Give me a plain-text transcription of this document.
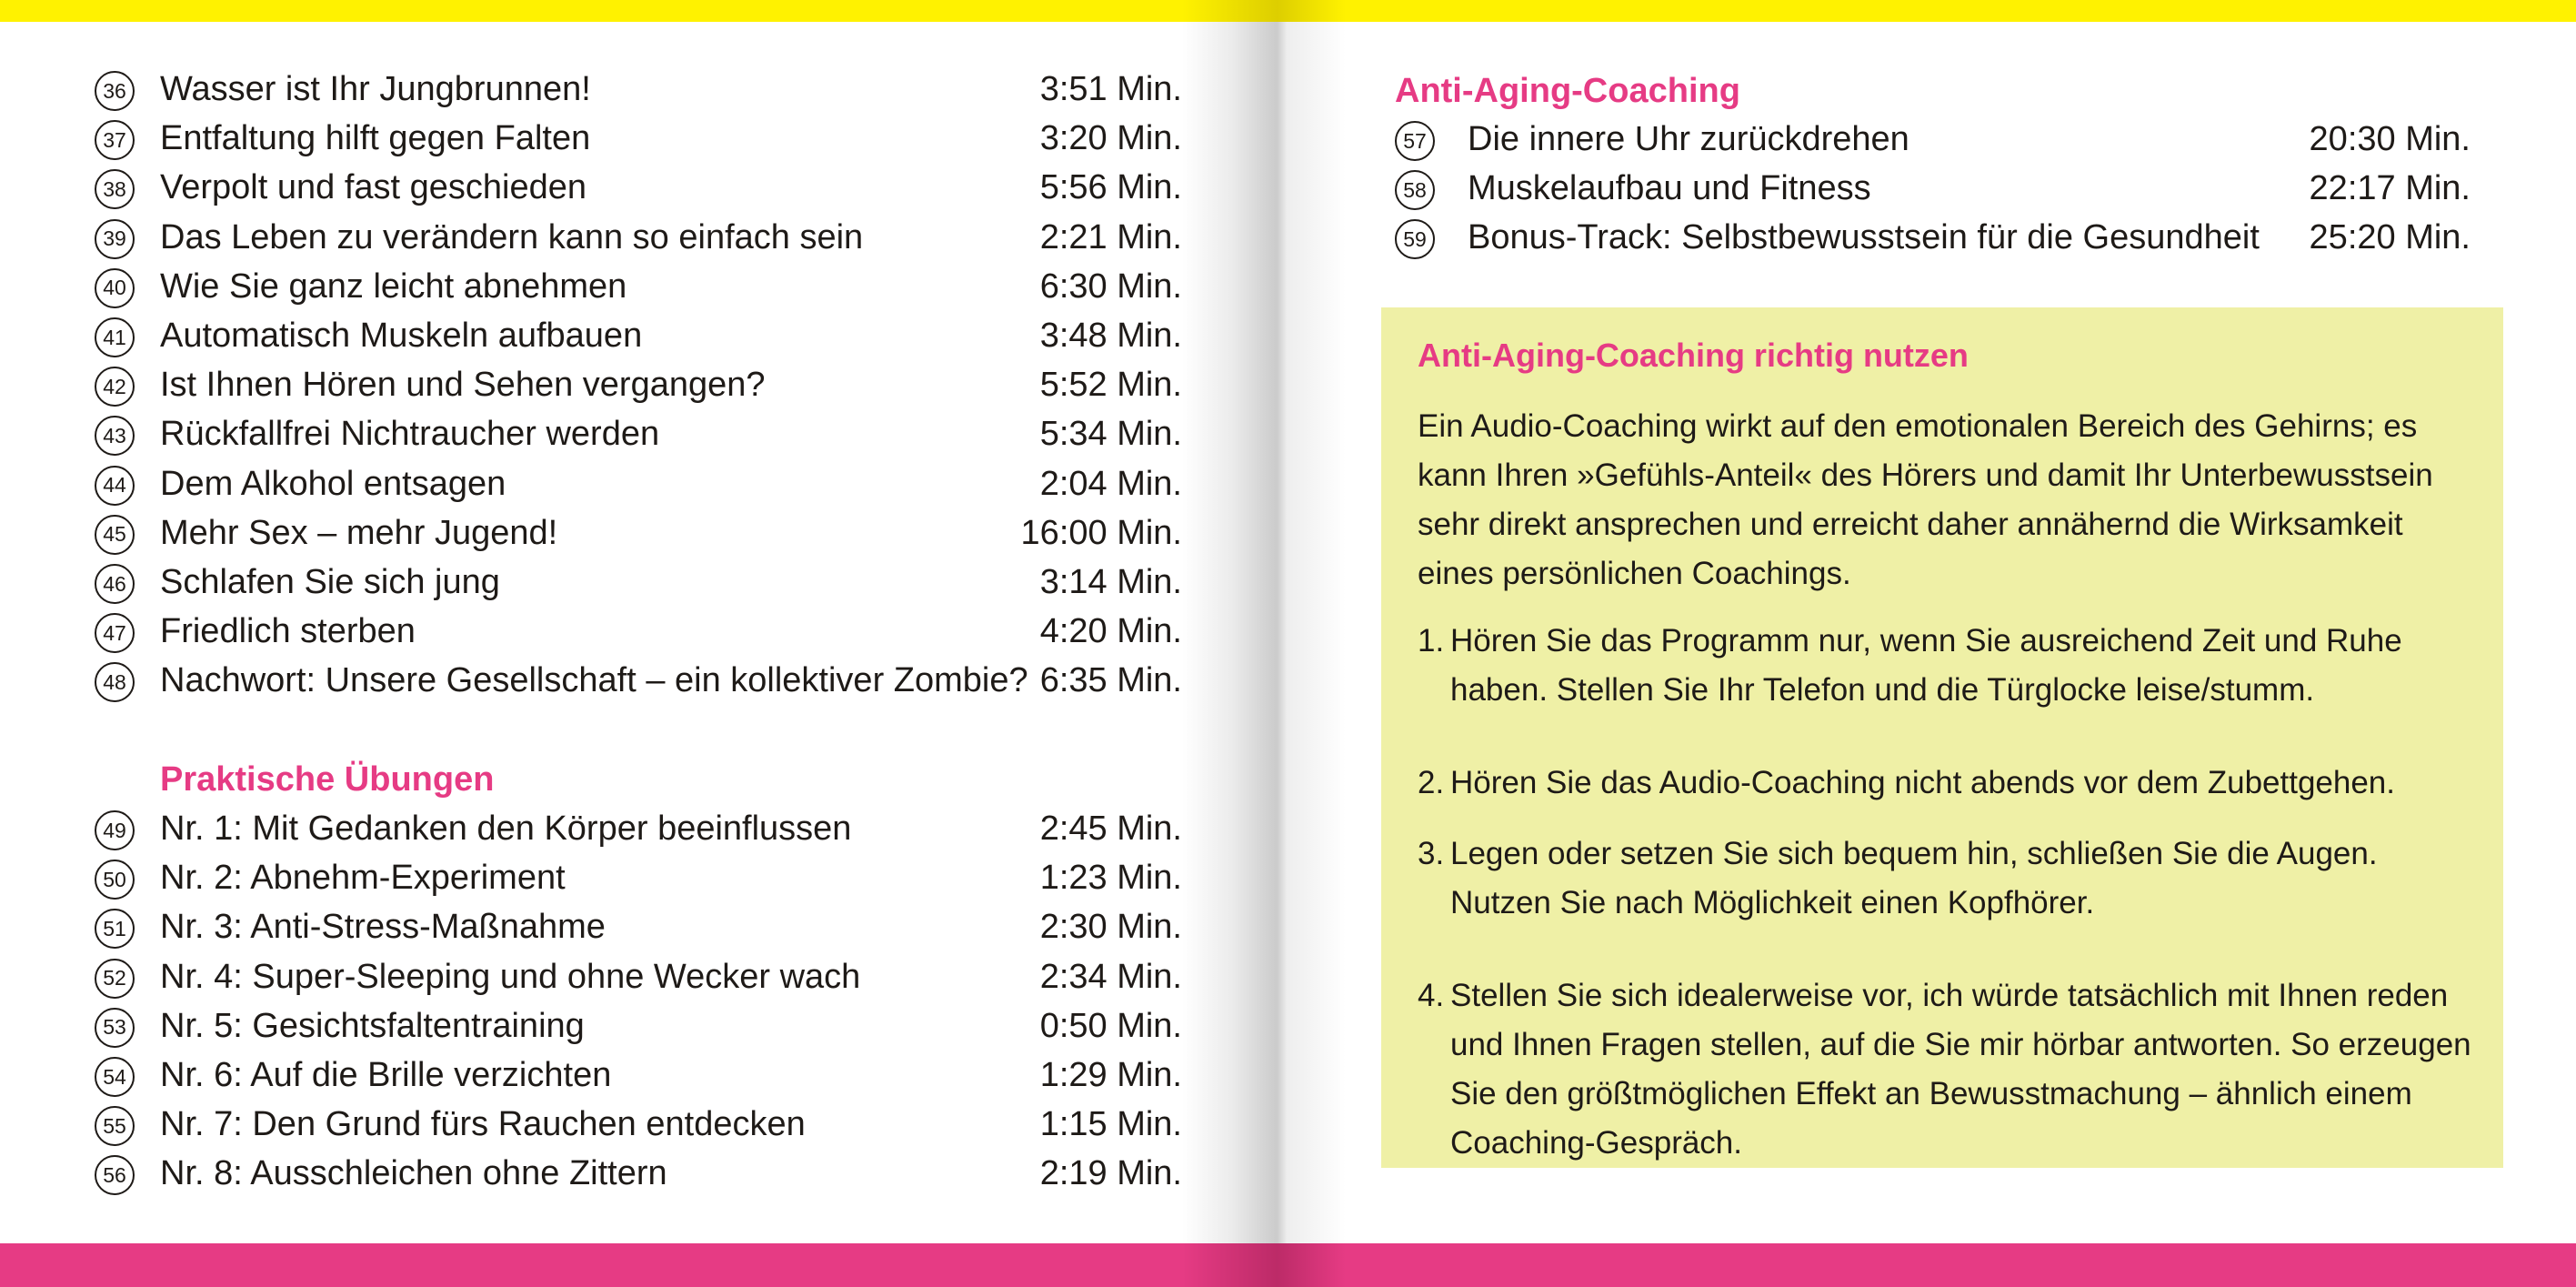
36 Wasser ist Ihr Jungbrunnen!	3:51 Min.
37 Entfaltung hilft gegen Falten	3:20 Min.
38 Verpolt und fast geschieden	5:56 Min.
39 Das Leben zu verändern kann so einfach sein	2:21 Min.
40 Wie Sie ganz leicht abnehmen	6:30 Min.
41 Automatisch Muskeln aufbauen	3:48 Min.
42 Ist Ihnen Hören und Sehen vergangen?	5:52 Min.
43 Rückfallfrei Nichtraucher werden	5:34 Min.
44 Dem Alkohol entsagen	2:04 Min.
45 Mehr Sex – mehr Jugend!	16:00 Min.
46 Schlafen Sie sich jung	3:14 Min.
47 Friedlich sterben	4:20 Min.
48 Nachwort: Unsere Gesellschaft – ein kollektiver Zombie? 6:35 Min.
Praktische Übungen
49 Nr. 1: Mit Gedanken den Körper beeinflussen	2:45 Min.
50 Nr. 2: Abnehm-Experiment	1:23 Min.
51 Nr. 3: Anti-Stress-Maßnahme	2:30 Min.
52 Nr. 4: Super-Sleeping und ohne Wecker wach	2:34 Min.
53 Nr. 5: Gesichtsfaltentraining	0:50 Min.
54 Nr. 6: Auf die Brille verzichten	1:29 Min.
55 Nr. 7: Den Grund fürs Rauchen entdecken	1:15 Min.
56 Nr. 8: Ausschleichen ohne Zittern	2:19 Min.
Anti-Aging-Coaching
57 Die innere Uhr zurückdrehen	20:30 Min.
58 Muskelaufbau und Fitness	22:17 Min.
59 Bonus-Track: Selbstbewusstsein für die Gesundheit 25:20 Min.
Anti-Aging-Coaching richtig nutzen
Ein Audio-Coaching wirkt auf den emotionalen Bereich des Gehirns; es kann Ihren »Gefühls-Anteil« des Hörers und damit Ihr Unterbewusstsein sehr direkt ansprechen und erreicht daher annähernd die Wirksamkeit eines persönlichen Coachings.
1. Hören Sie das Programm nur, wenn Sie ausreichend Zeit und Ruhe haben. Stellen Sie Ihr Telefon und die Türglocke leise/stumm.
2. Hören Sie das Audio-Coaching nicht abends vor dem Zubettgehen.
3. Legen oder setzen Sie sich bequem hin, schließen Sie die Augen. Nutzen Sie nach Möglichkeit einen Kopfhörer.
4. Stellen Sie sich idealerweise vor, ich würde tatsächlich mit Ihnen reden und Ihnen Fragen stellen, auf die Sie mir hörbar antworten. So erzeugen Sie den größtmöglichen Effekt an Bewusstmachung – ähnlich einem Coaching-Gespräch.
